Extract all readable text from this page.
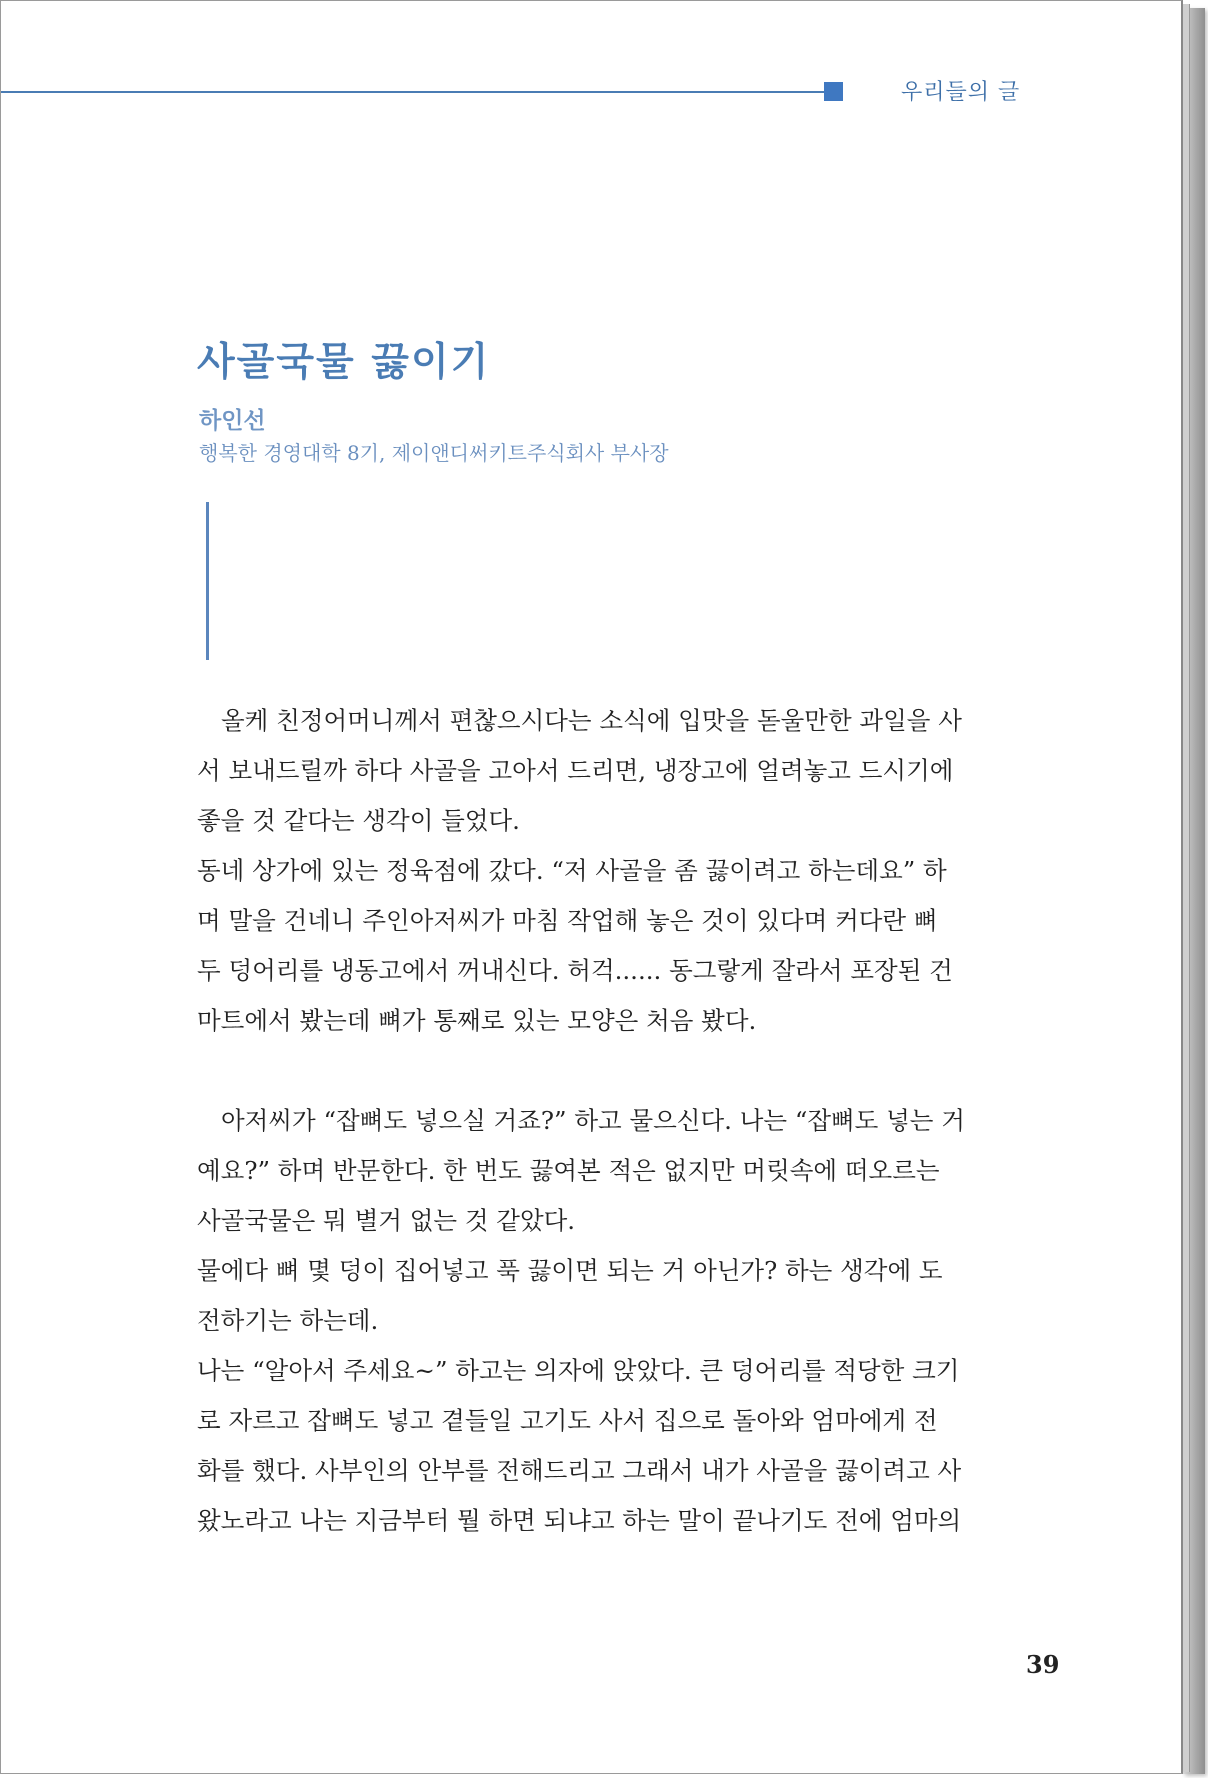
우리들의 글
사골국물 끓이기
하인선
행복한 경영대학 8기, 제이앤디써키트주식회사 부사장
올케 친정어머니께서 편찮으시다는 소식에 입맛을 돋울만한 과일을 사
서 보내드릴까 하다 사골을 고아서 드리면, 냉장고에 얼려놓고 드시기에
좋을 것 같다는 생각이 들었다.
동네 상가에 있는 정육점에 갔다. “저 사골을 좀 끓이려고 하는데요” 하
며 말을 건네니 주인아저씨가 마침 작업해 놓은 것이 있다며 커다란 뼈
두 덩어리를 냉동고에서 꺼내신다. 허걱...... 동그랗게 잘라서 포장된 건
마트에서 봤는데 뼈가 통째로 있는 모양은 처음 봤다.
아저씨가 “잡뼈도 넣으실 거죠?” 하고 물으신다. 나는 “잡뼈도 넣는 거
예요?” 하며 반문한다. 한 번도 끓여본 적은 없지만 머릿속에 떠오르는
사골국물은 뭐 별거 없는 것 같았다.
물에다 뼈 몇 덩이 집어넣고 푹 끓이면 되는 거 아닌가? 하는 생각에 도
전하기는 하는데.
나는 “알아서 주세요~” 하고는 의자에 앉았다. 큰 덩어리를 적당한 크기
로 자르고 잡뼈도 넣고 곁들일 고기도 사서 집으로 돌아와 엄마에게 전
화를 했다. 사부인의 안부를 전해드리고 그래서 내가 사골을 끓이려고 사
왔노라고 나는 지금부터 뭘 하면 되냐고 하는 말이 끝나기도 전에 엄마의
39
